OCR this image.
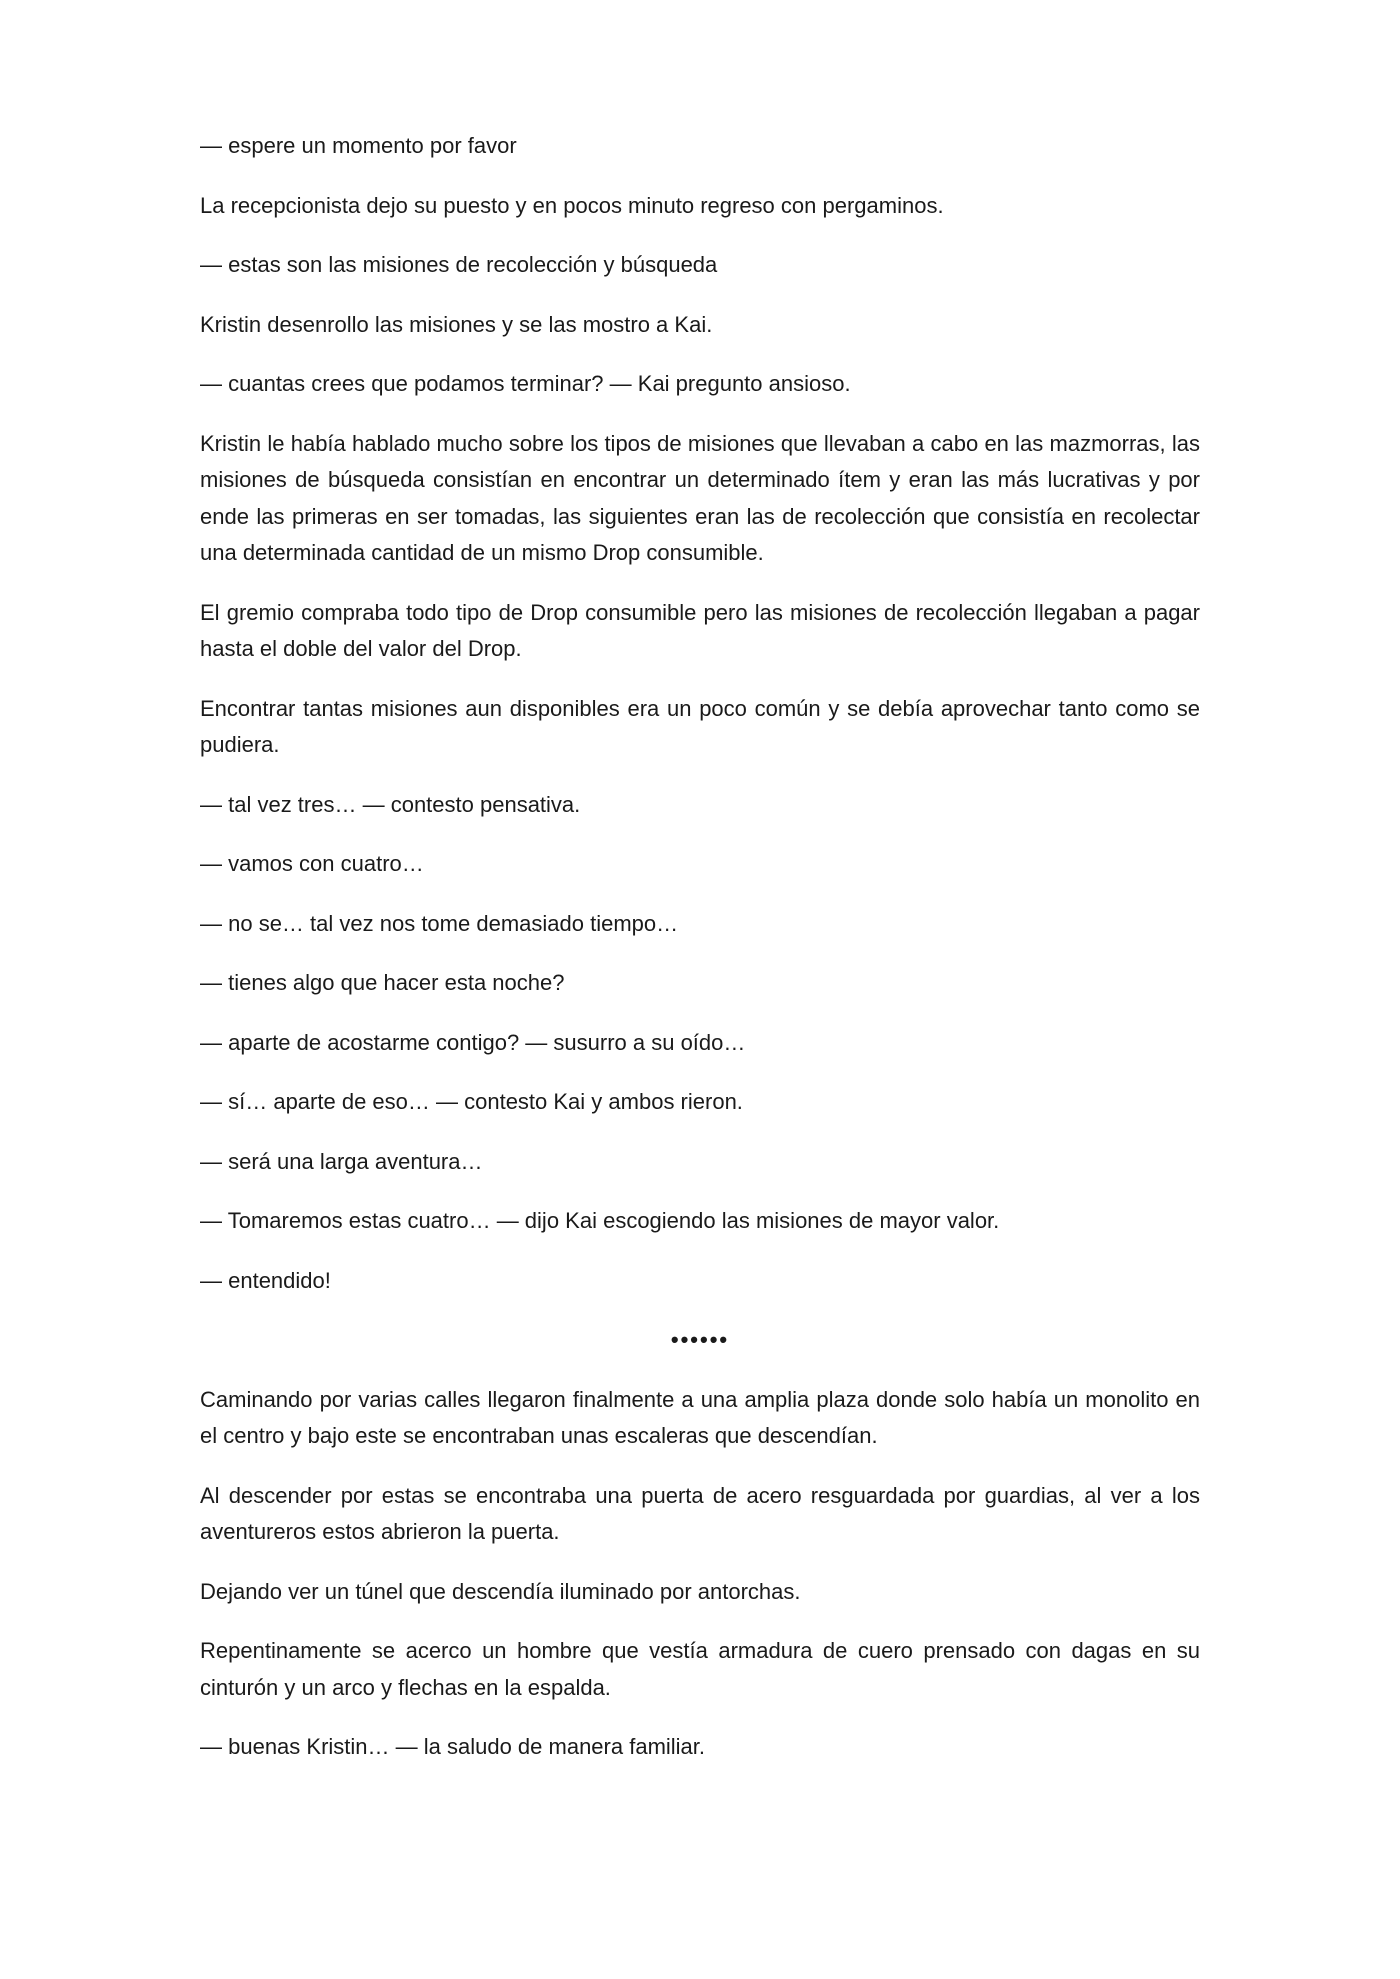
— espere un momento por favor

La recepcionista dejo su puesto y en pocos minuto regreso con pergaminos.

— estas son las misiones de recolección y búsqueda

Kristin desenrollo las misiones y se las mostro a Kai.

— cuantas crees que podamos terminar? — Kai pregunto ansioso.

Kristin le había hablado mucho sobre los tipos de misiones que llevaban a cabo en las mazmorras, las misiones de búsqueda consistían en encontrar un determinado ítem y eran las más lucrativas y por ende las primeras en ser tomadas, las siguientes eran las de recolección que consistía en recolectar una determinada cantidad de un mismo Drop consumible.

El gremio compraba todo tipo de Drop consumible pero las misiones de recolección llegaban a pagar hasta el doble del valor del Drop.

Encontrar tantas misiones aun disponibles era un poco común y se debía aprovechar tanto como se pudiera.

— tal vez tres… — contesto pensativa.

— vamos con cuatro…

— no se… tal vez nos tome demasiado tiempo…

— tienes algo que hacer esta noche?

— aparte de acostarme contigo? — susurro a su oído…

— sí… aparte de eso… — contesto Kai y ambos rieron.

— será una larga aventura…

— Tomaremos estas cuatro… — dijo Kai escogiendo las misiones de mayor valor.

— entendido!

••••••

Caminando por varias calles llegaron finalmente a una amplia plaza donde solo había un monolito en el centro y bajo este se encontraban unas escaleras que descendían.

Al descender por estas se encontraba una puerta de acero resguardada por guardias, al ver a los aventureros estos abrieron la puerta.

Dejando ver un túnel que descendía iluminado por antorchas.

Repentinamente se acerco un hombre que vestía armadura de cuero prensado con dagas en su cinturón y un arco y flechas en la espalda.

— buenas Kristin… — la saludo de manera familiar.
